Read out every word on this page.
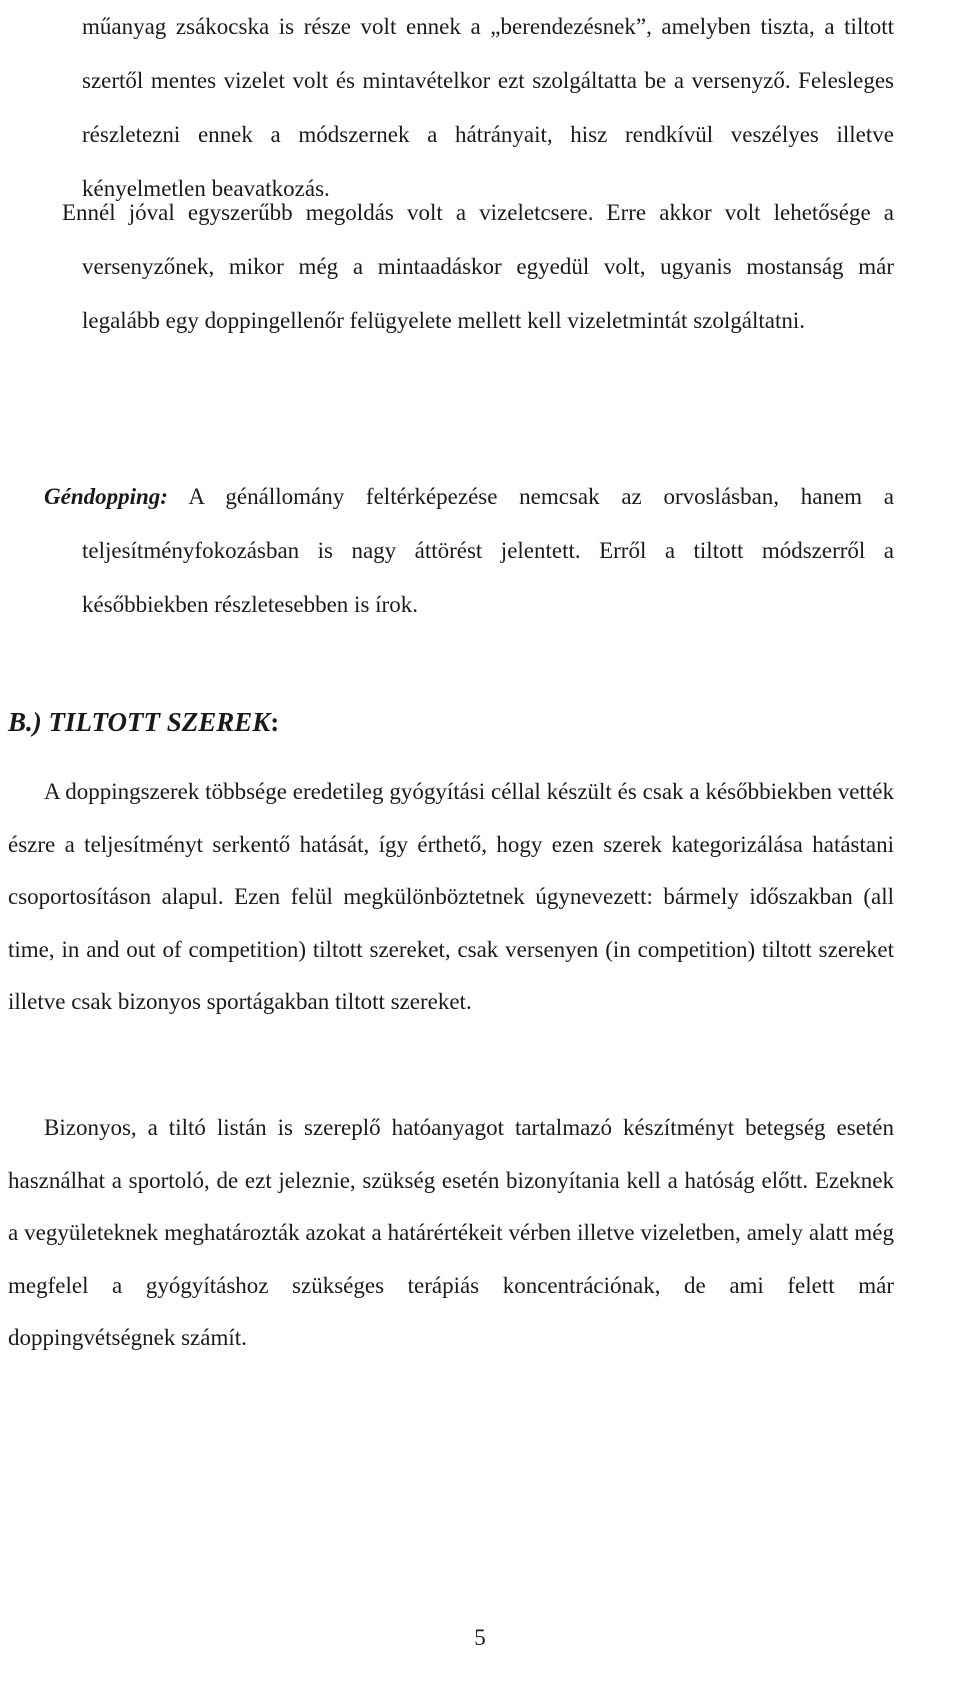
műanyag zsákocska is része volt ennek a „berendezésnek”, amelyben tiszta, a tiltott szertől mentes vizelet volt és mintavételkor ezt szolgáltatta be a versenyző. Felesleges részletezni ennek a módszernek a hátrányait, hisz rendkívül veszélyes illetve kényelmetlen beavatkozás.

Ennél jóval egyszerűbb megoldás volt a vizeletcsere. Erre akkor volt lehetősége a versenyzőnek, mikor még a mintaadáskor egyedül volt, ugyanis mostanság már legalább egy doppingellenőr felügyelete mellett kell vizeletmintát szolgáltatni.

Géndopping: A génállomány feltérképezése nemcsak az orvoslásban, hanem a teljesítményfokozásban is nagy áttörést jelentett. Erről a tiltott módszerről a későbbiekben részletesebben is írok.

B.) TILTOTT SZEREK:

A doppingszerek többsége eredetileg gyógyítási céllal készült és csak a későbbiekben vették észre a teljesítményt serkentő hatását, így érthető, hogy ezen szerek kategorizálása hatástani csoportosításon alapul. Ezen felül megkülönböztetnek úgynevezett: bármely időszakban (all time, in and out of competition) tiltott szereket, csak versenyen (in competition) tiltott szereket illetve csak bizonyos sportágakban tiltott szereket.

Bizonyos, a tiltó listán is szereplő hatóanyagot tartalmazó készítményt betegség esetén használhat a sportoló, de ezt jeleznie, szükség esetén bizonyítania kell a hatóság előtt. Ezeknek a vegyületeknek meghatározták azokat a határértékeit vérben illetve vizeletben, amely alatt még megfelel a gyógyításhoz szükséges terápiás koncentrációnak, de ami felett már doppingvétségnek számít.

5
